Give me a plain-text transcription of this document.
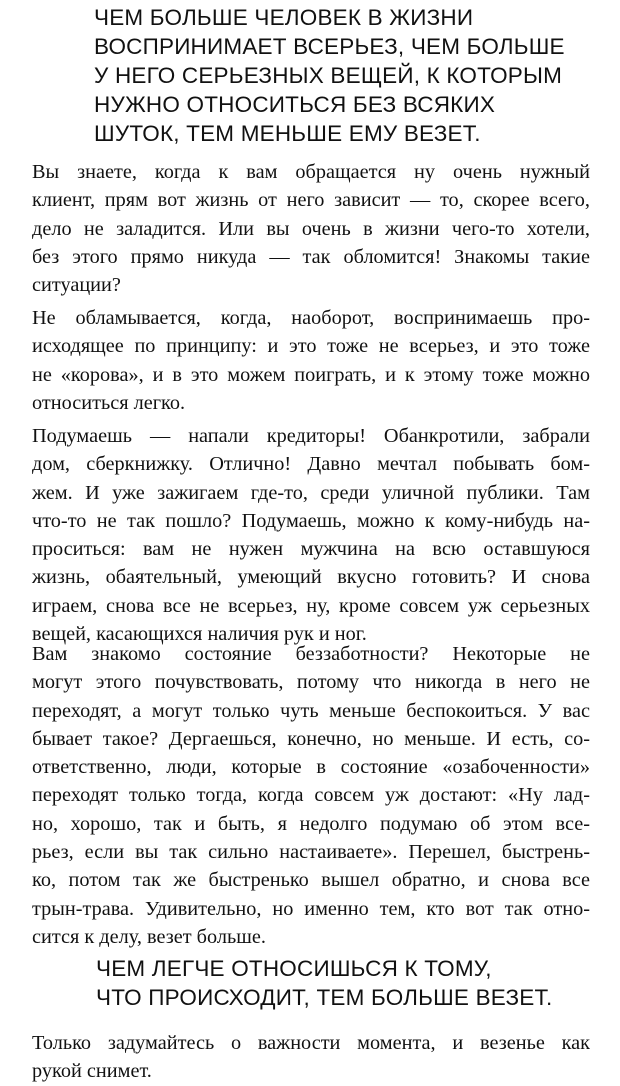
ЧЕМ БОЛЬШЕ ЧЕЛОВЕК В ЖИЗНИ
ВОСПРИНИМАЕТ ВСЕРЬЕЗ, ЧЕМ БОЛЬШЕ
У НЕГО СЕРЬЕЗНЫХ ВЕЩЕЙ, К КОТОРЫМ
НУЖНО ОТНОСИТЬСЯ БЕЗ ВСЯКИХ
ШУТОК, ТЕМ МЕНЬШЕ ЕМУ ВЕЗЕТ.
Вы знаете, когда к вам обращается ну очень нужный
клиент, прям вот жизнь от него зависит — то, скорее всего,
дело не заладится. Или вы очень в жизни чего-то хотели,
без этого прямо никуда — так обломится! Знакомы такие
ситуации?
Не обламывается, когда, наоборот, воспринимаешь про-
исходящее по принципу: и это тоже не всерьез, и это тоже
не «корова», и в это можем поиграть, и к этому тоже можно
относиться легко.
Подумаешь — напали кредиторы! Обанкротили, забрали
дом, сберкнижку. Отлично! Давно мечтал побывать бом-
жем. И уже зажигаем где-то, среди уличной публики. Там
что-то не так пошло? Подумаешь, можно к кому-нибудь на-
проситься: вам не нужен мужчина на всю оставшуюся
жизнь, обаятельный, умеющий вкусно готовить? И снова
играем, снова все не всерьез, ну, кроме совсем уж серьезных
вещей, касающихся наличия рук и ног.
Вам знакомо состояние беззаботности? Некоторые не
могут этого почувствовать, потому что никогда в него не
переходят, а могут только чуть меньше беспокоиться. У вас
бывает такое? Дергаешься, конечно, но меньше. И есть, со-
ответственно, люди, которые в состояние «озабоченности»
переходят только тогда, когда совсем уж достают: «Ну лад-
но, хорошо, так и быть, я недолго подумаю об этом все-
рьез, если вы так сильно настаиваете». Перешел, быстрень-
ко, потом так же быстренько вышел обратно, и снова все
трын-трава. Удивительно, но именно тем, кто вот так отно-
сится к делу, везет больше.
ЧЕМ ЛЕГЧЕ ОТНОСИШЬСЯ К ТОМУ,
ЧТО ПРОИСХОДИТ, ТЕМ БОЛЬШЕ ВЕЗЕТ.
Только задумайтесь о важности момента, и везенье как
рукой снимет.
